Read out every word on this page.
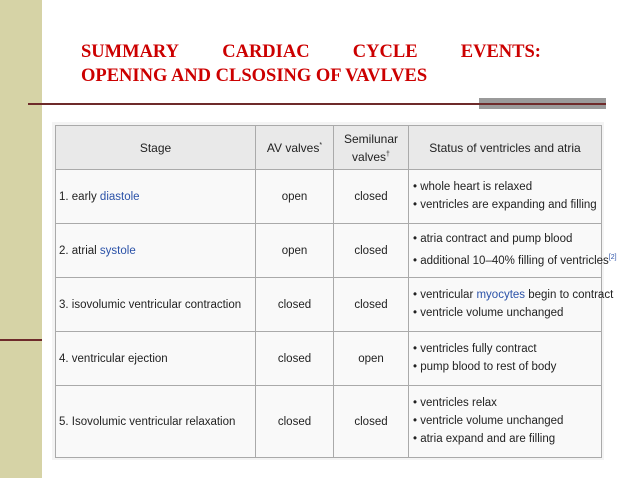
SUMMARY CARDIAC CYCLE EVENTS:
OPENING AND CLSOSING OF VAVLVES
Stage	AV valves*	Semilunar
valves†	Status of ventricles and atria
1. early diastole	open	closed	• whole heart is relaxed
• ventricles are expanding and filling

2. atrial systole	open	closed	• atria contract and pump blood
• additional 10–40% filling of ventricles[2]

3. isovolumic ventricular contraction	closed	closed	• ventricular myocytes begin to contract
• ventricle volume unchanged

4. ventricular ejection	closed	open	• ventricles fully contract
• pump blood to rest of body

5. Isovolumic ventricular relaxation	closed	closed	• ventricles relax
• ventricle volume unchanged
• atria expand and are filling
